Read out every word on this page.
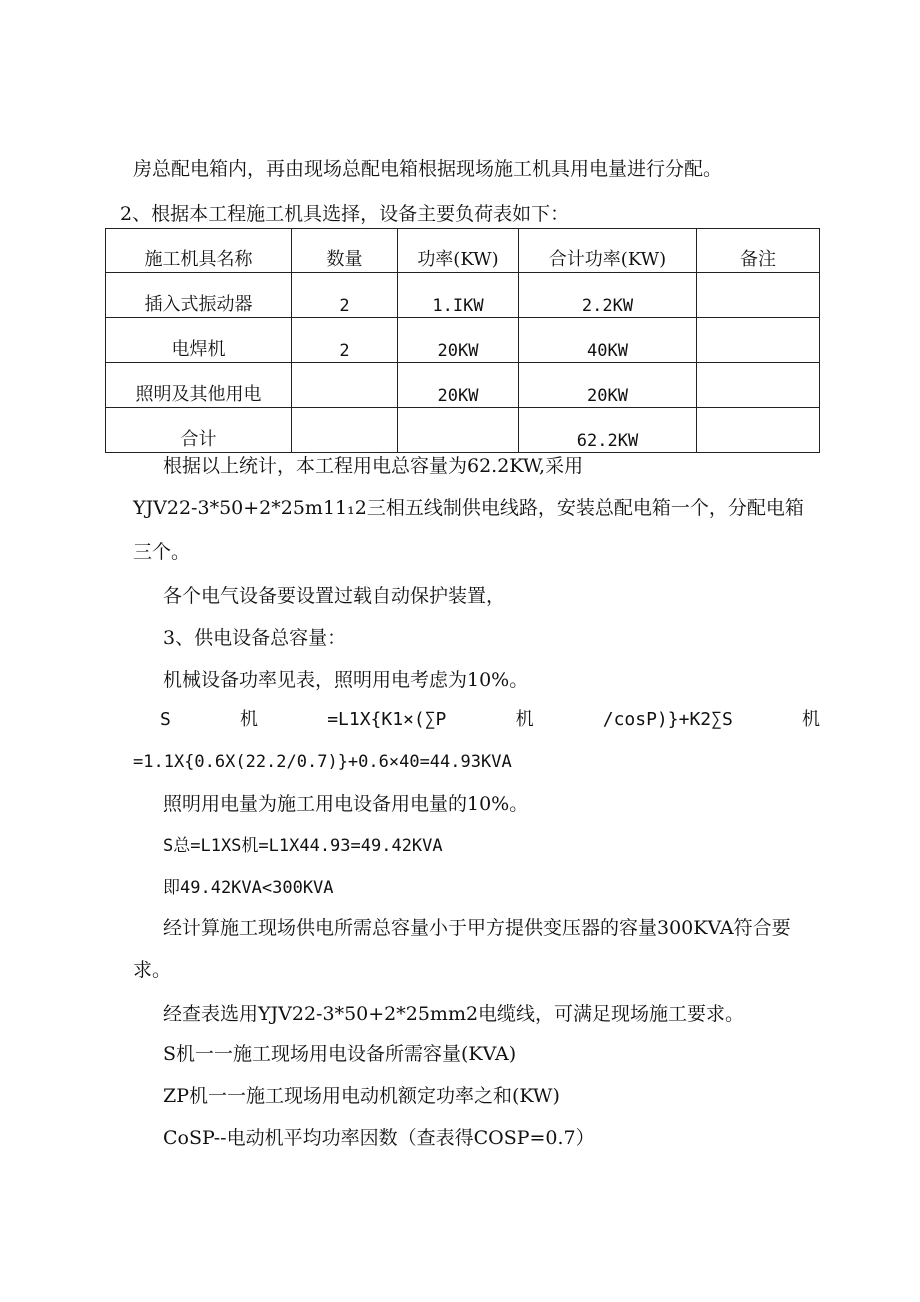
房总配电箱内，再由现场总配电箱根据现场施工机具用电量进行分配。
2、根据本工程施工机具选择，设备主要负荷表如下：
施工机具名称	数量	功率(KW)	合计功率(KW)	备注
插入式振动器	2	1.IKW	2.2KW	
电焊机	2	20KW	40KW	
照明及其他用电		20KW	20KW	
合计			62.2KW	
根据以上统计，本工程用电总容量为62.2KW,采用
YJV22-3*50+2*25m11₁2三相五线制供电线路，安装总配电箱一个，分配电箱
三个。
各个电气设备要设置过载自动保护装置，
3、供电设备总容量：
机械设备功率见表，照明用电考虑为10%。
S	机	=L1X{K1×(∑P	机	/cosP)}+K2∑S	机
=1.1X{0.6X(22.2/0.7)}+0.6×40=44.93KVA
照明用电量为施工用电设备用电量的10%。
S总=L1XS机=L1X44.93=49.42KVA
即49.42KVA<300KVA
经计算施工现场供电所需总容量小于甲方提供变压器的容量300KVA符合要
求。
经查表选用YJV22-3*50+2*25mm2电缆线，可满足现场施工要求。
S机一一施工现场用电设备所需容量(KVA)
ZP机一一施工现场用电动机额定功率之和(KW)
CoSP--电动机平均功率因数（查表得COSP=0.7）
